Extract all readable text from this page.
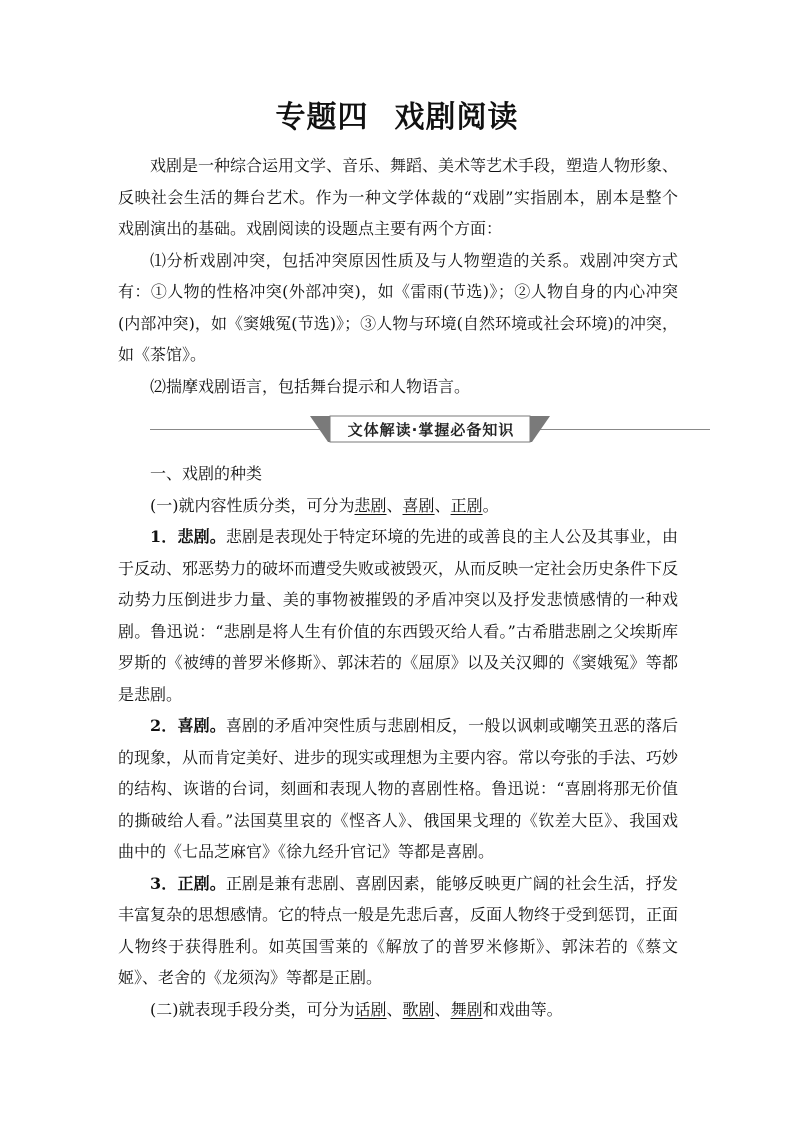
专题四 戏剧阅读

戏剧是一种综合运用文学、音乐、舞蹈、美术等艺术手段，塑造人物形象、反映社会生活的舞台艺术。作为一种文学体裁的“戏剧”实指剧本，剧本是整个戏剧演出的基础。戏剧阅读的设题点主要有两个方面：

⑴分析戏剧冲突，包括冲突原因性质及与人物塑造的关系。戏剧冲突方式有：①人物的性格冲突(外部冲突)，如《雷雨(节选)》；②人物自身的内心冲突(内部冲突)，如《窦娥冤(节选)》；③人物与环境(自然环境或社会环境)的冲突，如《茶馆》。

⑵揣摩戏剧语言，包括舞台提示和人物语言。

文体解读·掌握必备知识

一、戏剧的种类

(一)就内容性质分类，可分为悲剧、喜剧、正剧。

1．悲剧。悲剧是表现处于特定环境的先进的或善良的主人公及其事业，由于反动、邪恶势力的破坏而遭受失败或被毁灭，从而反映一定社会历史条件下反动势力压倒进步力量、美的事物被摧毁的矛盾冲突以及抒发悲愤感情的一种戏剧。鲁迅说：“悲剧是将人生有价值的东西毁灭给人看。”古希腊悲剧之父埃斯库罗斯的《被缚的普罗米修斯》、郭沫若的《屈原》以及关汉卿的《窦娥冤》等都是悲剧。

2．喜剧。喜剧的矛盾冲突性质与悲剧相反，一般以讽刺或嘲笑丑恶的落后的现象，从而肯定美好、进步的现实或理想为主要内容。常以夸张的手法、巧妙的结构、诙谐的台词，刻画和表现人物的喜剧性格。鲁迅说：“喜剧将那无价值的撕破给人看。”法国莫里哀的《悭吝人》、俄国果戈理的《钦差大臣》、我国戏曲中的《七品芝麻官》《徐九经升官记》等都是喜剧。

3．正剧。正剧是兼有悲剧、喜剧因素，能够反映更广阔的社会生活，抒发丰富复杂的思想感情。它的特点一般是先悲后喜，反面人物终于受到惩罚，正面人物终于获得胜利。如英国雪莱的《解放了的普罗米修斯》、郭沫若的《蔡文姬》、老舍的《龙须沟》等都是正剧。

(二)就表现手段分类，可分为话剧、歌剧、舞剧和戏曲等。
